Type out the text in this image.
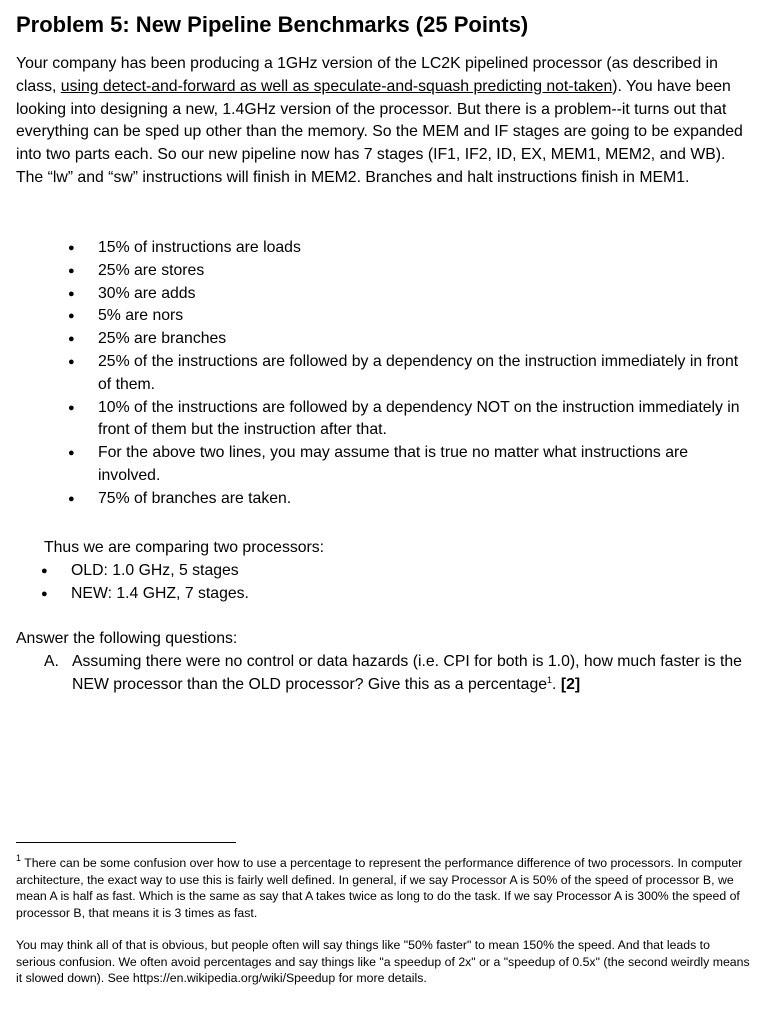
Problem 5: New Pipeline Benchmarks (25 Points)

Your company has been producing a 1GHz version of the LC2K pipelined processor (as described in class, using detect-and-forward as well as speculate-and-squash predicting not-taken). You have been looking into designing a new, 1.4GHz version of the processor. But there is a problem--it turns out that everything can be sped up other than the memory. So the MEM and IF stages are going to be expanded into two parts each. So our new pipeline now has 7 stages (IF1, IF2, ID, EX, MEM1, MEM2, and WB). The “lw” and “sw” instructions will finish in MEM2. Branches and halt instructions finish in MEM1.

● 15% of instructions are loads
● 25% are stores
● 30% are adds
● 5% are nors
● 25% are branches
● 25% of the instructions are followed by a dependency on the instruction immediately in front of them.
● 10% of the instructions are followed by a dependency NOT on the instruction immediately in front of them but the instruction after that.
● For the above two lines, you may assume that is true no matter what instructions are involved.
● 75% of branches are taken.

Thus we are comparing two processors:

● OLD: 1.0 GHz, 5 stages
● NEW: 1.4 GHZ, 7 stages.

Answer the following questions:

A. Assuming there were no control or data hazards (i.e. CPI for both is 1.0), how much faster is the NEW processor than the OLD processor? Give this as a percentage$^1$. [2]

$^1$ There can be some confusion over how to use a percentage to represent the performance difference of two processors. In computer architecture, the exact way to use this is fairly well defined. In general, if we say Processor A is 50% of the speed of processor B, we mean A is half as fast. Which is the same as say that A takes twice as long to do the task. If we say Processor A is 300% the speed of processor B, that means it is 3 times as fast.

You may think all of that is obvious, but people often will say things like "50% faster" to mean 150% the speed. And that leads to serious confusion. We often avoid percentages and say things like "a speedup of 2x" or a "speedup of 0.5x" (the second weirdly means it slowed down). See https://en.wikipedia.org/wiki/Speedup for more details.
